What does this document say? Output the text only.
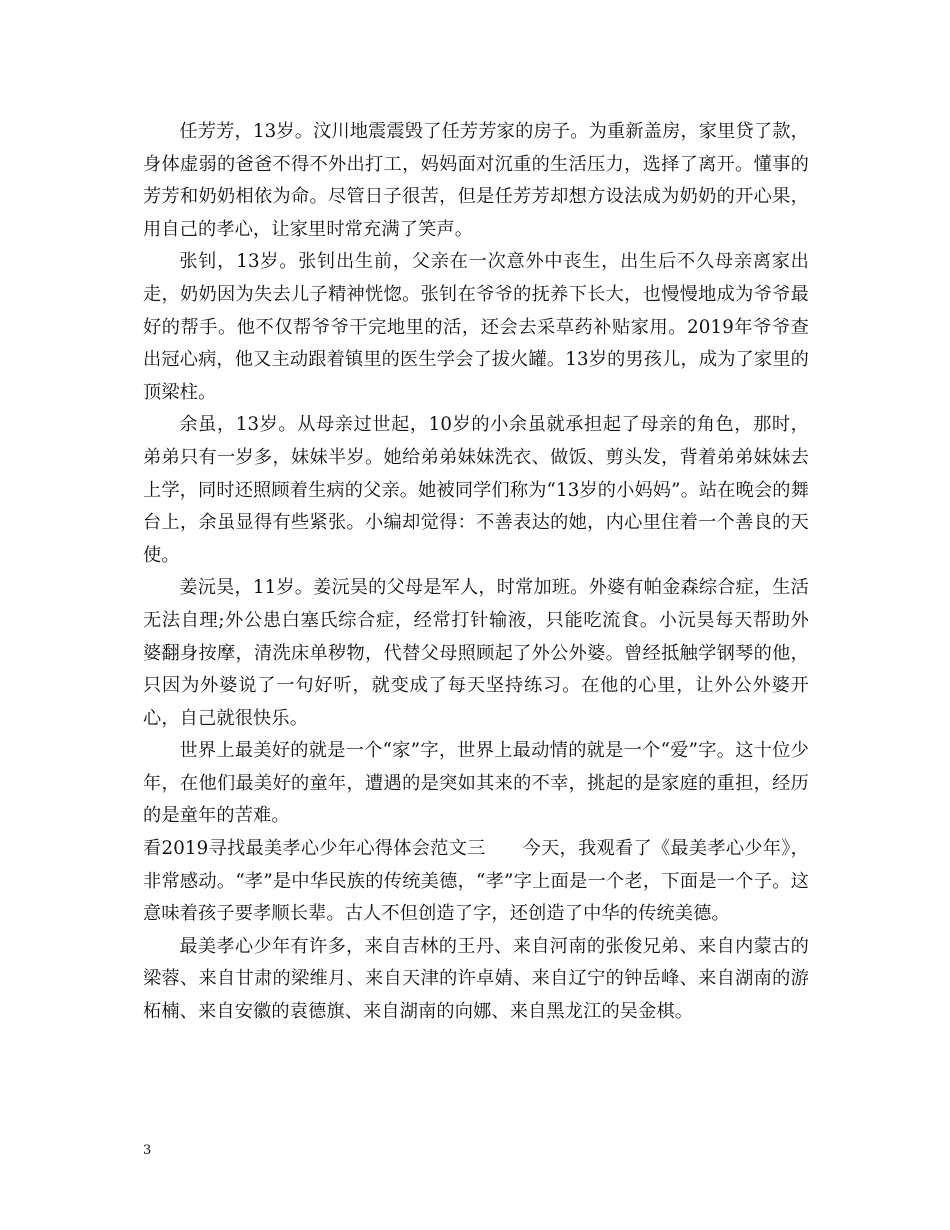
任芳芳，13岁。汶川地震震毁了任芳芳家的房子。为重新盖房，家里贷了款，身体虚弱的爸爸不得不外出打工，妈妈面对沉重的生活压力，选择了离开。懂事的芳芳和奶奶相依为命。尽管日子很苦，但是任芳芳却想方设法成为奶奶的开心果，用自己的孝心，让家里时常充满了笑声。

张钊，13岁。张钊出生前，父亲在一次意外中丧生，出生后不久母亲离家出走，奶奶因为失去儿子精神恍惚。张钊在爷爷的抚养下长大，也慢慢地成为爷爷最好的帮手。他不仅帮爷爷干完地里的活，还会去采草药补贴家用。2019年爷爷查出冠心病，他又主动跟着镇里的医生学会了拔火罐。13岁的男孩儿，成为了家里的顶梁柱。

余虽，13岁。从母亲过世起，10岁的小余虽就承担起了母亲的角色，那时，弟弟只有一岁多，妹妹半岁。她给弟弟妹妹洗衣、做饭、剪头发，背着弟弟妹妹去上学，同时还照顾着生病的父亲。她被同学们称为“13岁的小妈妈”。站在晚会的舞台上，余虽显得有些紧张。小编却觉得：不善表达的她，内心里住着一个善良的天使。

姜沅昊，11岁。姜沅昊的父母是军人，时常加班。外婆有帕金森综合症，生活无法自理;外公患白塞氏综合症，经常打针输液，只能吃流食。小沅昊每天帮助外婆翻身按摩，清洗床单秽物，代替父母照顾起了外公外婆。曾经抵触学钢琴的他，只因为外婆说了一句好听，就变成了每天坚持练习。在他的心里，让外公外婆开心，自己就很快乐。

世界上最美好的就是一个“家”字，世界上最动情的就是一个“爱”字。这十位少年，在他们最美好的童年，遭遇的是突如其来的不幸，挑起的是家庭的重担，经历的是童年的苦难。

看2019寻找最美孝心少年心得体会范文三　　今天，我观看了《最美孝心少年》，非常感动。“孝”是中华民族的传统美德，“孝”字上面是一个老，下面是一个子。这意味着孩子要孝顺长辈。古人不但创造了字，还创造了中华的传统美德。

最美孝心少年有许多，来自吉林的王丹、来自河南的张俊兄弟、来自内蒙古的梁蓉、来自甘肃的梁维月、来自天津的许卓婧、来自辽宁的钟岳峰、来自湖南的游柘楠、来自安徽的袁德旗、来自湖南的向娜、来自黑龙江的吴金棋。

3
